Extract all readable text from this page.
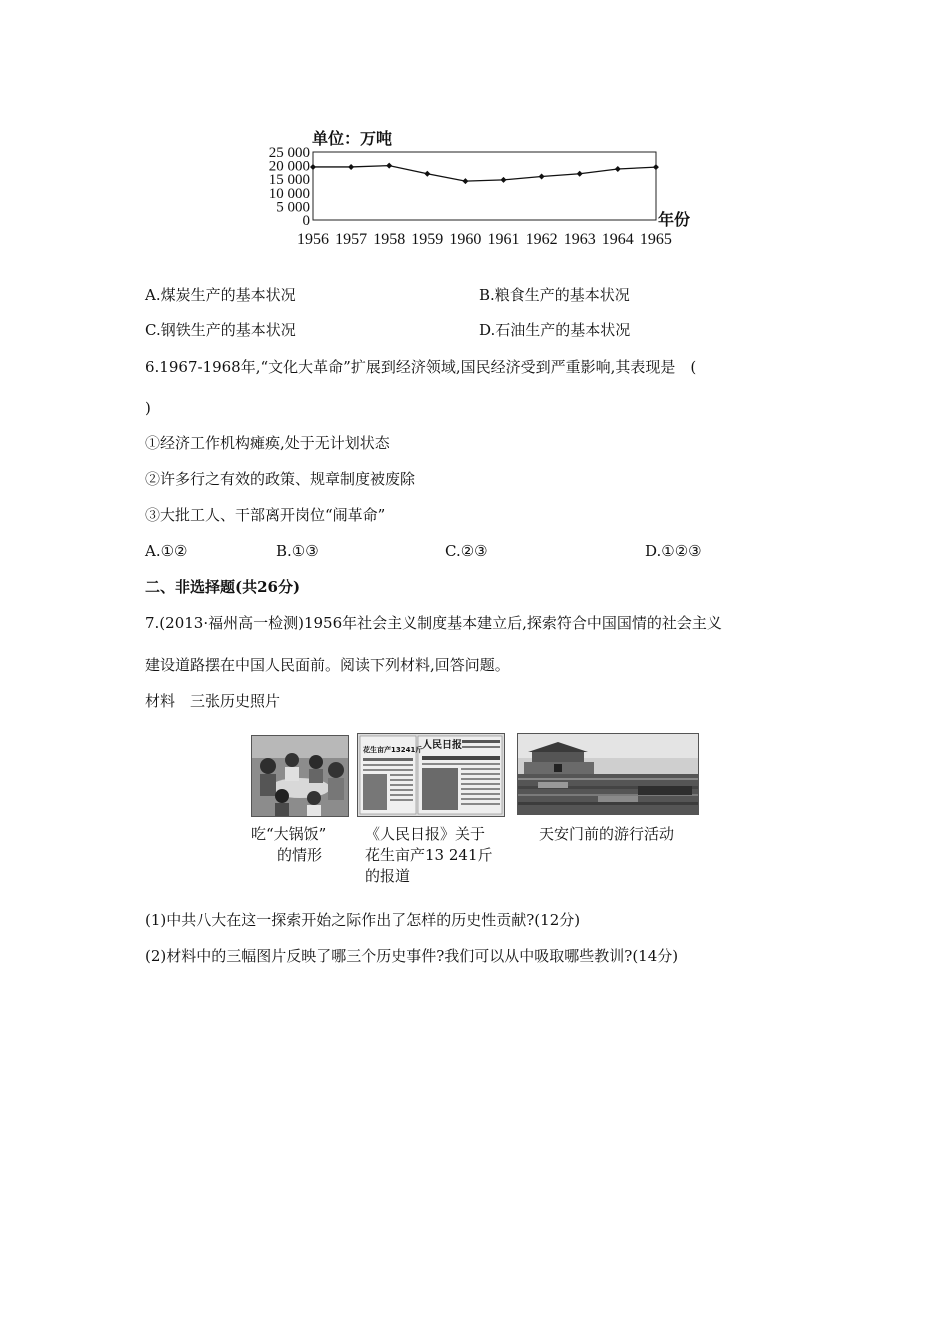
单位：万吨
25 000
20 000
15 000
10 000
5 000
0
1956 1957 1958 1959 1960 1961 1962 1963 1964 1965
年份
A.煤炭生产的基本状况	B.粮食生产的基本状况
C.钢铁生产的基本状况	D.石油生产的基本状况
6.1967-1968年,“文化大革命”扩展到经济领域,国民经济受到严重影响,其表现是　(
)
①经济工作机构瘫痪,处于无计划状态
②许多行之有效的政策、规章制度被废除
③大批工人、干部离开岗位“闹革命”
A.①②	B.①③	C.②③	D.①②③
二、非选择题(共26分)
7.(2013·福州高一检测)1956年社会主义制度基本建立后,探索符合中国国情的社会主义
建设道路摆在中国人民面前。阅读下列材料,回答问题。
材料　三张历史照片
花生亩产13241斤 人民日报
吃“大锅饭”
的情形
《人民日报》关于
花生亩产13 241斤
的报道
天安门前的游行活动
(1)中共八大在这一探索开始之际作出了怎样的历史性贡献?(12分)
(2)材料中的三幅图片反映了哪三个历史事件?我们可以从中吸取哪些教训?(14分)
